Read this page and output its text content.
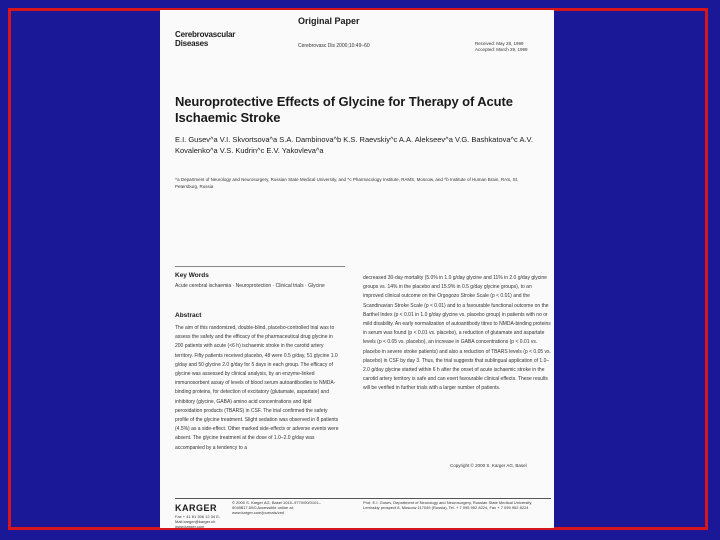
Cerebrovascular
Diseases
Original Paper
Cerebrovasc Dis 2000;10:49–60	Received: May 28, 1999
Accepted: March 29, 1999
Neuroprotective Effects of Glycine for Therapy of Acute Ischaemic Stroke
E.I. Gusev^a V.I. Skvortsova^a S.A. Dambinova^b K.S. Raevskiy^c A.A. Alekseev^a V.G. Bashkatova^c A.V. Kovalenko^a V.S. Kudrin^c E.V. Yakovleva^a
^a Department of Neurology and Neurosurgery, Russian State Medical University, and ^c Pharmacology Institute, RAMS, Moscow, and ^b Institute of Human Brain, RAS, St. Petersburg, Russia
Key Words
Acute cerebral ischaemia · Neuroprotection · Clinical trials · Glycine
Abstract
The aim of this randomized, double-blind, placebo-controlled trial was to assess the safety and the efficacy of the pharmaceutical drug glycine in 200 patients with acute (<6 h) ischaemic stroke in the carotid artery territory. Fifty patients received placebo, 48 were 0.5 g/day, 51 glycine 1.0 g/day and 50 glycine 2.0 g/day for 5 days in each group. The efficacy of glycine was assessed by clinical analysis, by an enzyme-linked immunosorbent assay of levels of blood serum autoantibodies to NMDA-binding proteins, for detection of excitatory (glutamate, aspartate) and inhibitory (glycine, GABA) amino acid concentrations and lipid peroxidation products (TBARS) in CSF. The trial confirmed the safety profile of the glycine treatment. Slight sedation was observed in 8 patients (4.5%) as a side-effect. Other marked side-effects or adverse events were absent. The glycine treatment at the dose of 1.0–2.0 g/day was accompanied by a tendency to a
decreased 30-day mortality (5.0% in 1.0 g/day glycine and 11% in 2.0 g/day glycine groups vs. 14% in the placebo and 15.9% in 0.5 g/day glycine groups), to an improved clinical outcome on the Orgogozo Stroke Scale (p < 0.01) and the Scandinavian Stroke Scale (p < 0.01) and to a favourable functional outcome on the Barthel Index (p < 0.01 in 1.0 g/day glycine vs. placebo group) in patients with no or mild disability. An early normalization of autoantibody titres to NMDA-binding proteins in serum was found (p < 0.01 vs. placebo), a reduction of glutamate and aspartate levels (p < 0.05 vs. placebo), an increase in GABA concentrations (p < 0.01 vs. placebo in severe stroke patients) and also a reduction of TBARS levels (p < 0.05 vs. placebo) in CSF by day 3. Thus, the trial suggests that sublingual application of 1.0–2.0 g/day glycine started within 6 h after the onset of acute ischaemic stroke in the carotid artery territory is safe and can exert favourable clinical effects. These results will be verified in further trials with a larger number of patients.
Copyright © 2000 S. Karger AG, Basel
KARGER
Fax + 41 61 306 12 34 E-Mail karger@karger.ch www.karger.com
© 2000 S. Karger AG, Basel 1015–9770/00/0101–0049$17.50/0 Accessible online at: www.karger.com/journals/ced
Prof. E.I. Gusev, Department of Neurology and Neurosurgery, Russian State Medical University, Leninskiy prospect 8, Moscow 117049 (Russia), Tel. + 7 095 952 8224, Fax + 7 095 952 8224
